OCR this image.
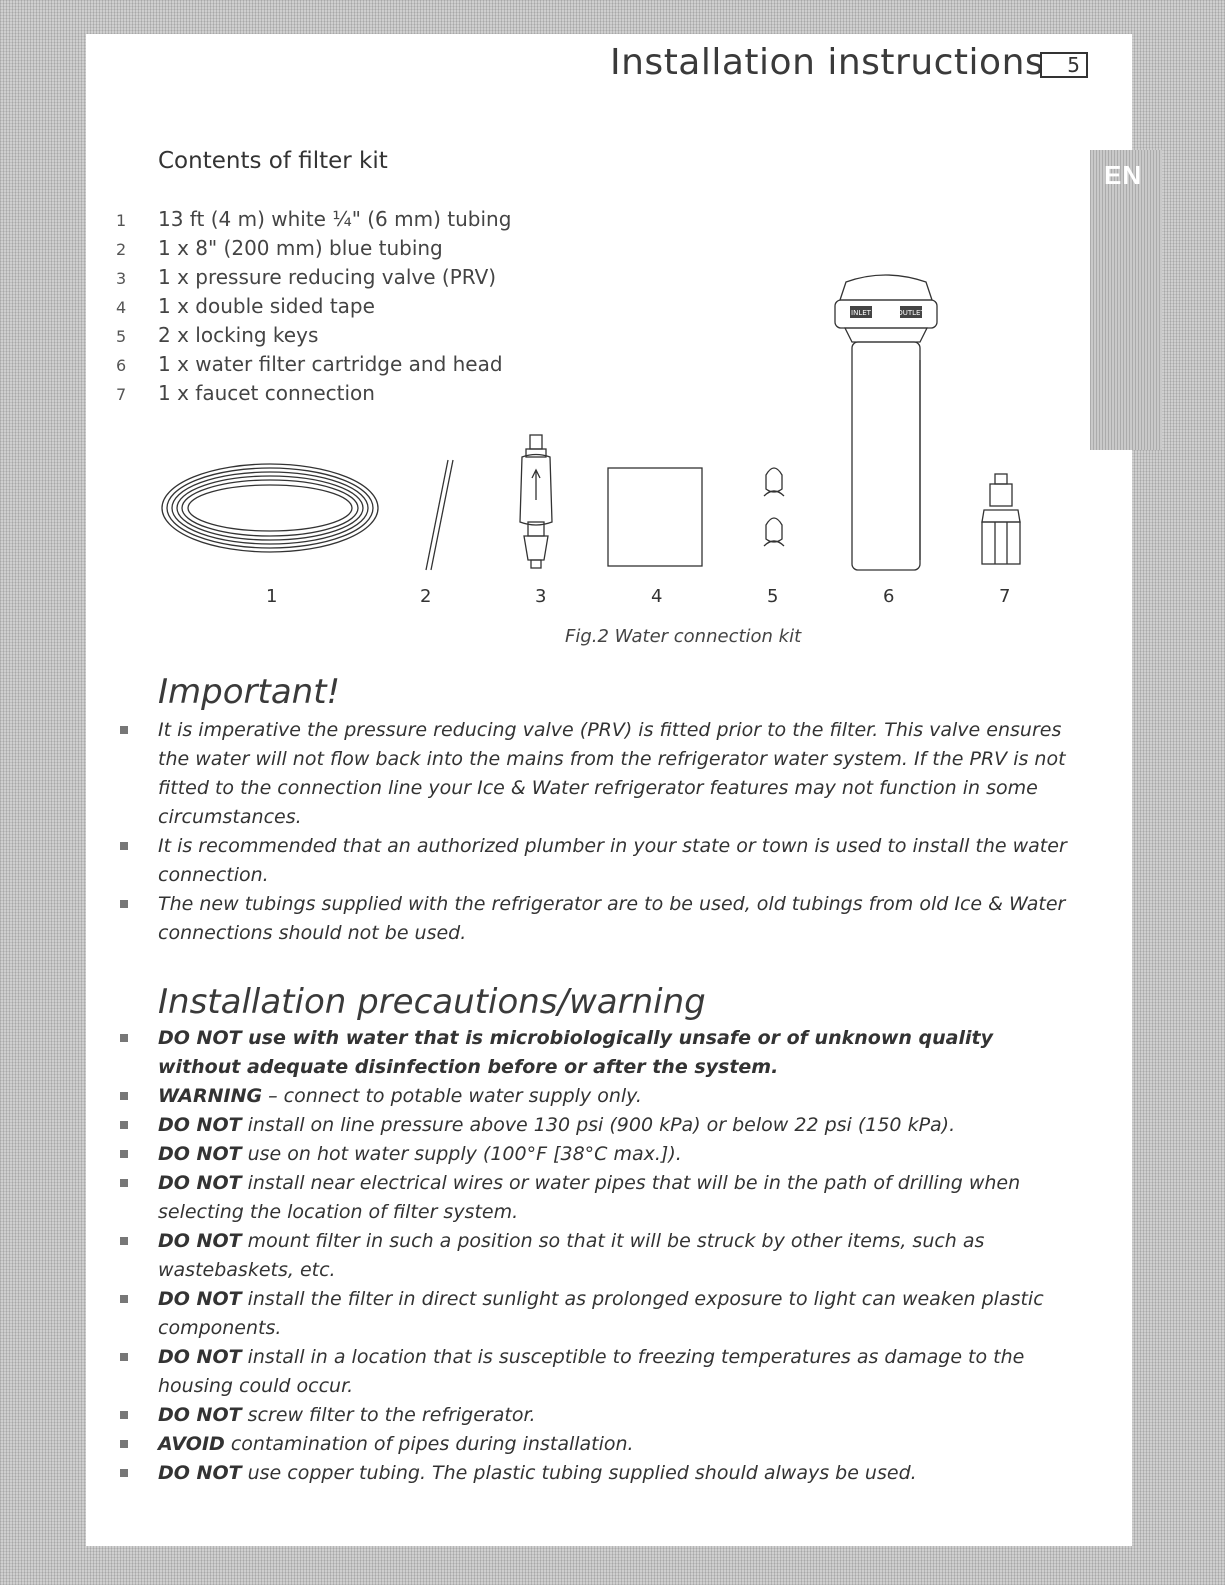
EN
Installation instructions	5
Contents of filter kit
1 13 ft (4 m) white ¼" (6 mm) tubing
2 1 x 8" (200 mm) blue tubing
3 1 x pressure reducing valve (PRV)
4 1 x double sided tape
5 2 x locking keys
6 1 x water filter cartridge and head
7 1 x faucet connection
INLET	OUTLET
1	2	3	4	5	6	7
Fig.2 Water connection kit
Important!
It is imperative the pressure reducing valve (PRV) is fitted prior to the filter. This valve ensures the water will not flow back into the mains from the refrigerator water system. If the PRV is not fitted to the connection line your Ice & Water refrigerator features may not function in some circumstances.
It is recommended that an authorized plumber in your state or town is used to install the water connection.
The new tubings supplied with the refrigerator are to be used, old tubings from old Ice & Water connections should not be used.
Installation precautions/warning
DO NOT use with water that is microbiologically unsafe or of unknown quality without adequate disinfection before or after the system.
WARNING – connect to potable water supply only.
DO NOT install on line pressure above 130 psi (900 kPa) or below 22 psi (150 kPa).
DO NOT use on hot water supply (100°F [38°C max.]).
DO NOT install near electrical wires or water pipes that will be in the path of drilling when selecting the location of filter system.
DO NOT mount filter in such a position so that it will be struck by other items, such as wastebaskets, etc.
DO NOT install the filter in direct sunlight as prolonged exposure to light can weaken plastic components.
DO NOT install in a location that is susceptible to freezing temperatures as damage to the housing could occur.
DO NOT screw filter to the refrigerator.
AVOID contamination of pipes during installation.
DO NOT use copper tubing. The plastic tubing supplied should always be used.
